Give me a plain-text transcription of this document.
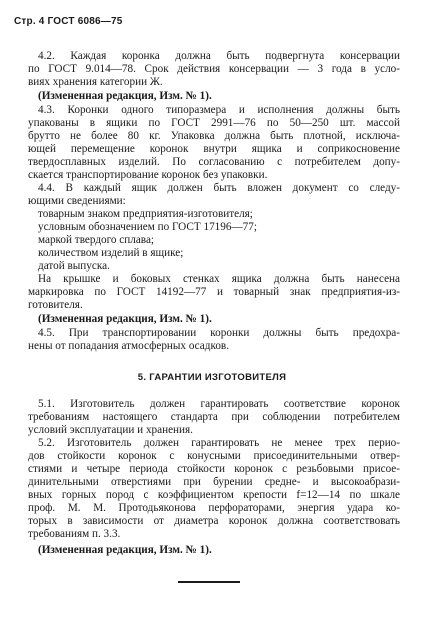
Стр. 4 ГОСТ 6086—75
4.2. Каждая коронка должна быть подвергнута консервации
по ГОСТ 9.014—78. Срок действия консервации — 3 года в усло-
виях хранения категории Ж.
(Измененная редакция, Изм. № 1).
4.3. Коронки одного типоразмера и исполнения должны быть
упакованы в ящики по ГОСТ 2991—76 по 50—250 шт. массой
брутто не более 80 кг. Упаковка должна быть плотной, исключа-
ющей перемещение коронок внутри ящика и соприкосновение
твердосплавных изделий. По согласованию с потребителем допу-
скается транспортирование коронок без упаковки.
4.4. В каждый ящик должен быть вложен документ со следу-
ющими сведениями:
товарным знаком предприятия-изготовителя;
условным обозначением по ГОСТ 17196—77;
маркой твердого сплава;
количеством изделий в ящике;
датой выпуска.
На крышке и боковых стенках ящика должна быть нанесена
маркировка по ГОСТ 14192—77 и товарный знак предприятия-из-
готовителя.
(Измененная редакция, Изм. № 1).
4.5. При транспортировании коронки должны быть предохра-
нены от попадания атмосферных осадков.
5. ГАРАНТИИ ИЗГОТОВИТЕЛЯ
5.1. Изготовитель должен гарантировать соответствие коронок
требованиям настоящего стандарта при соблюдении потребителем
условий эксплуатации и хранения.
5.2. Изготовитель должен гарантировать не менее трех перио-
дов стойкости коронок с конусными присоединительными отвер-
стиями и четыре периода стойкости коронок с резьбовыми присое-
динительными отверстиями при бурении средне- и высокоабрази-
вных горных пород с коэффициентом крепости f=12—14 по шкале
проф. М. М. Протодьяконова перфораторами, энергия удара ко-
торых в зависимости от диаметра коронок должна соответствовать
требованиям п. 3.3.
(Измененная редакция, Изм. № 1).
